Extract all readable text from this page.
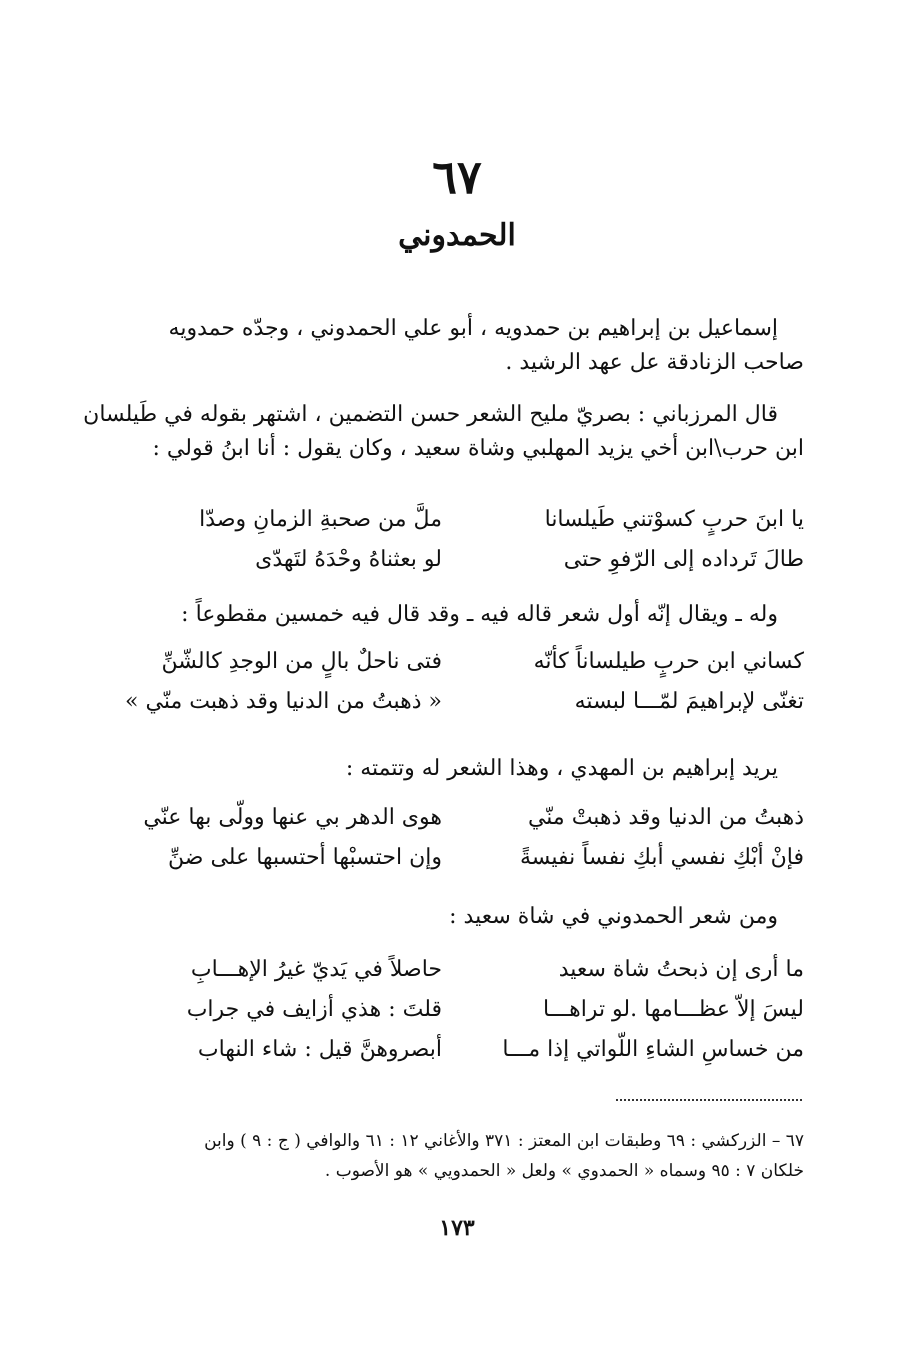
٦٧
الحمدوني
إسماعيل بن إبراهيم بن حمدويه ، أبو علي الحمدوني ، وجدّه حمدويه
صاحب الزنادقة عل عهد الرشيد .
قال المرزباني : بصريّ مليح الشعر حسن التضمين ، اشتهر بقوله في طَيلسان
ابن حرب\ابن أخي يزيد المهلبي وشاة سعيد ، وكان يقول : أنا ابنُ قولي :
يا ابنَ حربٍ كسوْتني طَيلسانا
ملَّ من صحبةِ الزمانِ وصدّا
طالَ تَرداده إلى الرّفوِ حتى
لو بعثناهُ وحْدَهُ لتَهدّى
وله ـ ويقال إنّه أول شعر قاله فيه ـ وقد قال فيه خمسين مقطوعاً :
كساني ابن حربٍ طيلساناً كأنّه
فتى ناحلٌ بالٍ من الوجدِ كالشّنِّ
تغنّى لإبراهيمَ لمّـــا لبسته
« ذهبتُ من الدنيا وقد ذهبت منّي »
يريد إبراهيم بن المهدي ، وهذا الشعر له وتتمته :
ذهبتُ من الدنيا وقد ذهبتْ منّي
هوى الدهر بي عنها وولّى بها عنّي
فإنْ أبْكِ نفسي أبكِ نفساً نفيسةً
وإن احتسبْها أحتسبها على ضنِّ
ومن شعر الحمدوني في شاة سعيد :
ما أرى إن ذبحتُ شاة سعيد
حاصلاً في يَديّ غيرُ الإهـــابِ
ليسَ إلاّ عظـــامها .لو تراهـــا
قلتَ : هذي أزايف في جراب
من خساسِ الشاءِ اللّواتي إذا مـــا
أبصروهنَّ قيل : شاء النهاب
٦٧ – الزركشي : ٦٩ وطبقات ابن المعتز : ٣٧١ والأغاني ١٢ : ٦١ والوافي ( ج : ٩ ) وابن
خلكان ٧ : ٩٥ وسماه « الحمدوي » ولعل « الحمدويي » هو الأصوب .
١٧٣
